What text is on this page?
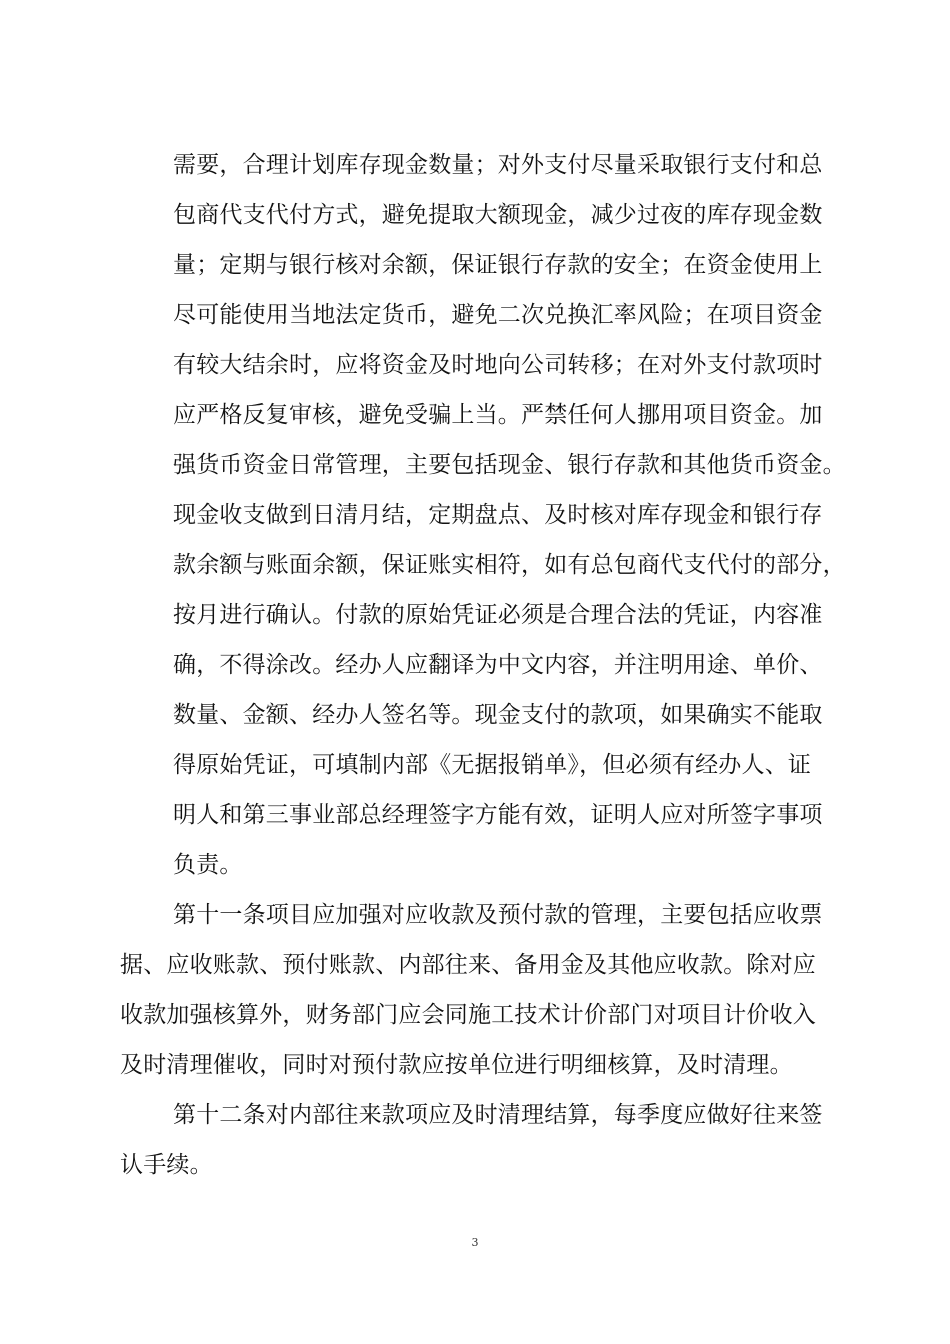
需要，合理计划库存现金数量；对外支付尽量采取银行支付和总
包商代支代付方式，避免提取大额现金，减少过夜的库存现金数
量；定期与银行核对余额，保证银行存款的安全；在资金使用上
尽可能使用当地法定货币，避免二次兑换汇率风险；在项目资金
有较大结余时，应将资金及时地向公司转移；在对外支付款项时
应严格反复审核，避免受骗上当。严禁任何人挪用项目资金。加
强货币资金日常管理，主要包括现金、银行存款和其他货币资金。
现金收支做到日清月结，定期盘点、及时核对库存现金和银行存
款余额与账面余额，保证账实相符，如有总包商代支代付的部分，
按月进行确认。付款的原始凭证必须是合理合法的凭证，内容准
确，不得涂改。经办人应翻译为中文内容，并注明用途、单价、
数量、金额、经办人签名等。现金支付的款项，如果确实不能取
得原始凭证，可填制内部《无据报销单》，但必须有经办人、证
明人和第三事业部总经理签字方能有效，证明人应对所签字事项
负责。
第十一条项目应加强对应收款及预付款的管理，主要包括应收票
据、应收账款、预付账款、内部往来、备用金及其他应收款。除对应
收款加强核算外，财务部门应会同施工技术计价部门对项目计价收入
及时清理催收，同时对预付款应按单位进行明细核算，及时清理。
第十二条对内部往来款项应及时清理结算，每季度应做好往来签
认手续。
3
